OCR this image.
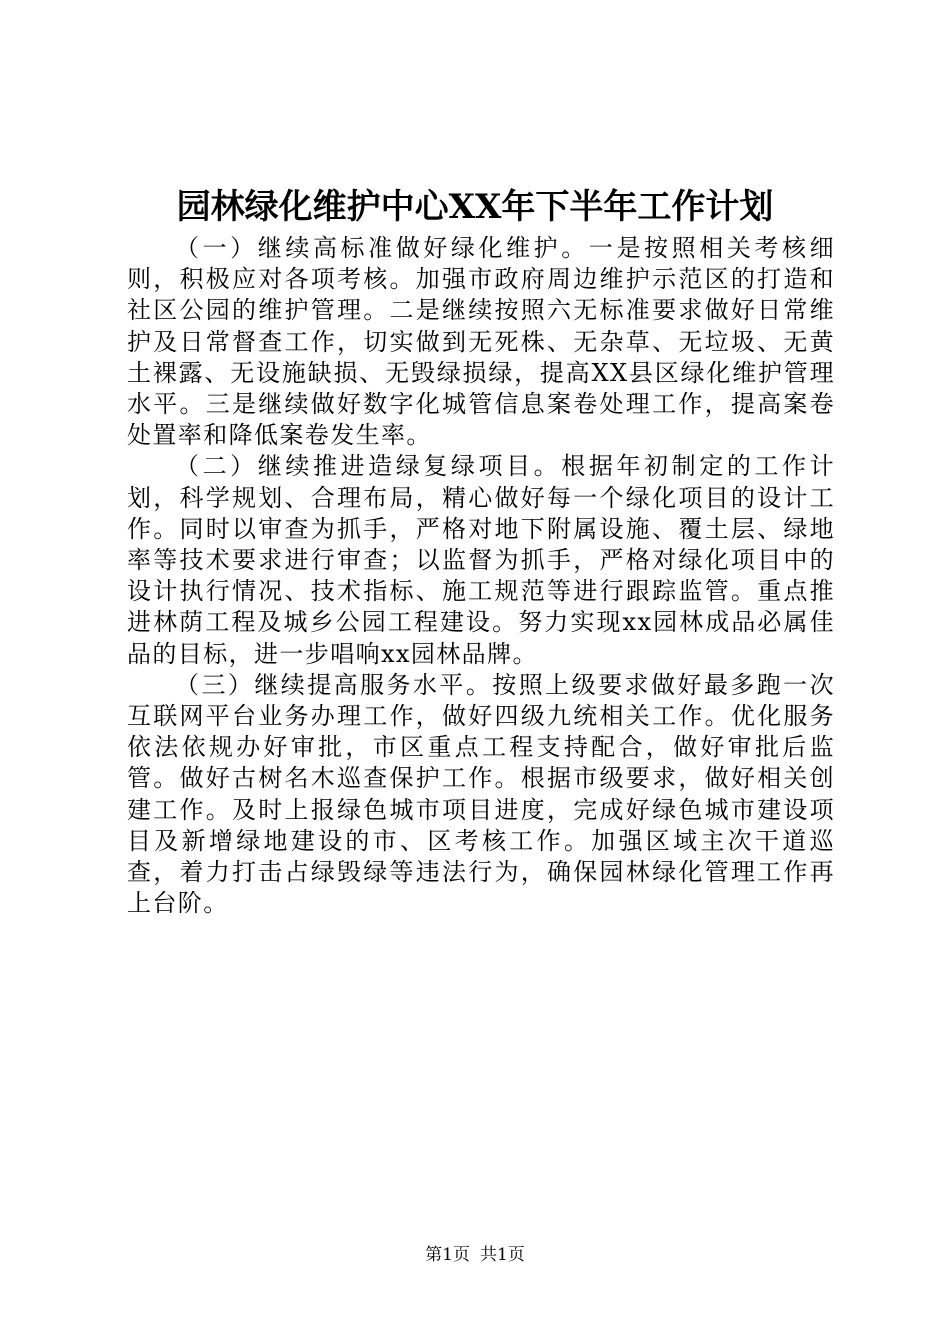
园林绿化维护中心XX年下半年工作计划

（一）继续高标准做好绿化维护。一是按照相关考核细则，积极应对各项考核。加强市政府周边维护示范区的打造和社区公园的维护管理。二是继续按照六无标准要求做好日常维护及日常督查工作，切实做到无死株、无杂草、无垃圾、无黄土裸露、无设施缺损、无毁绿损绿，提高XX县区绿化维护管理水平。三是继续做好数字化城管信息案卷处理工作，提高案卷处置率和降低案卷发生率。

（二）继续推进造绿复绿项目。根据年初制定的工作计划，科学规划、合理布局，精心做好每一个绿化项目的设计工作。同时以审查为抓手，严格对地下附属设施、覆土层、绿地率等技术要求进行审查；以监督为抓手，严格对绿化项目中的设计执行情况、技术指标、施工规范等进行跟踪监管。重点推进林荫工程及城乡公园工程建设。努力实现xx园林成品必属佳品的目标，进一步唱响xx园林品牌。

（三）继续提高服务水平。按照上级要求做好最多跑一次互联网平台业务办理工作，做好四级九统相关工作。优化服务依法依规办好审批，市区重点工程支持配合，做好审批后监管。做好古树名木巡查保护工作。根据市级要求，做好相关创建工作。及时上报绿色城市项目进度，完成好绿色城市建设项目及新增绿地建设的市、区考核工作。加强区域主次干道巡查，着力打击占绿毁绿等违法行为，确保园林绿化管理工作再上台阶。

第1页 共1页
